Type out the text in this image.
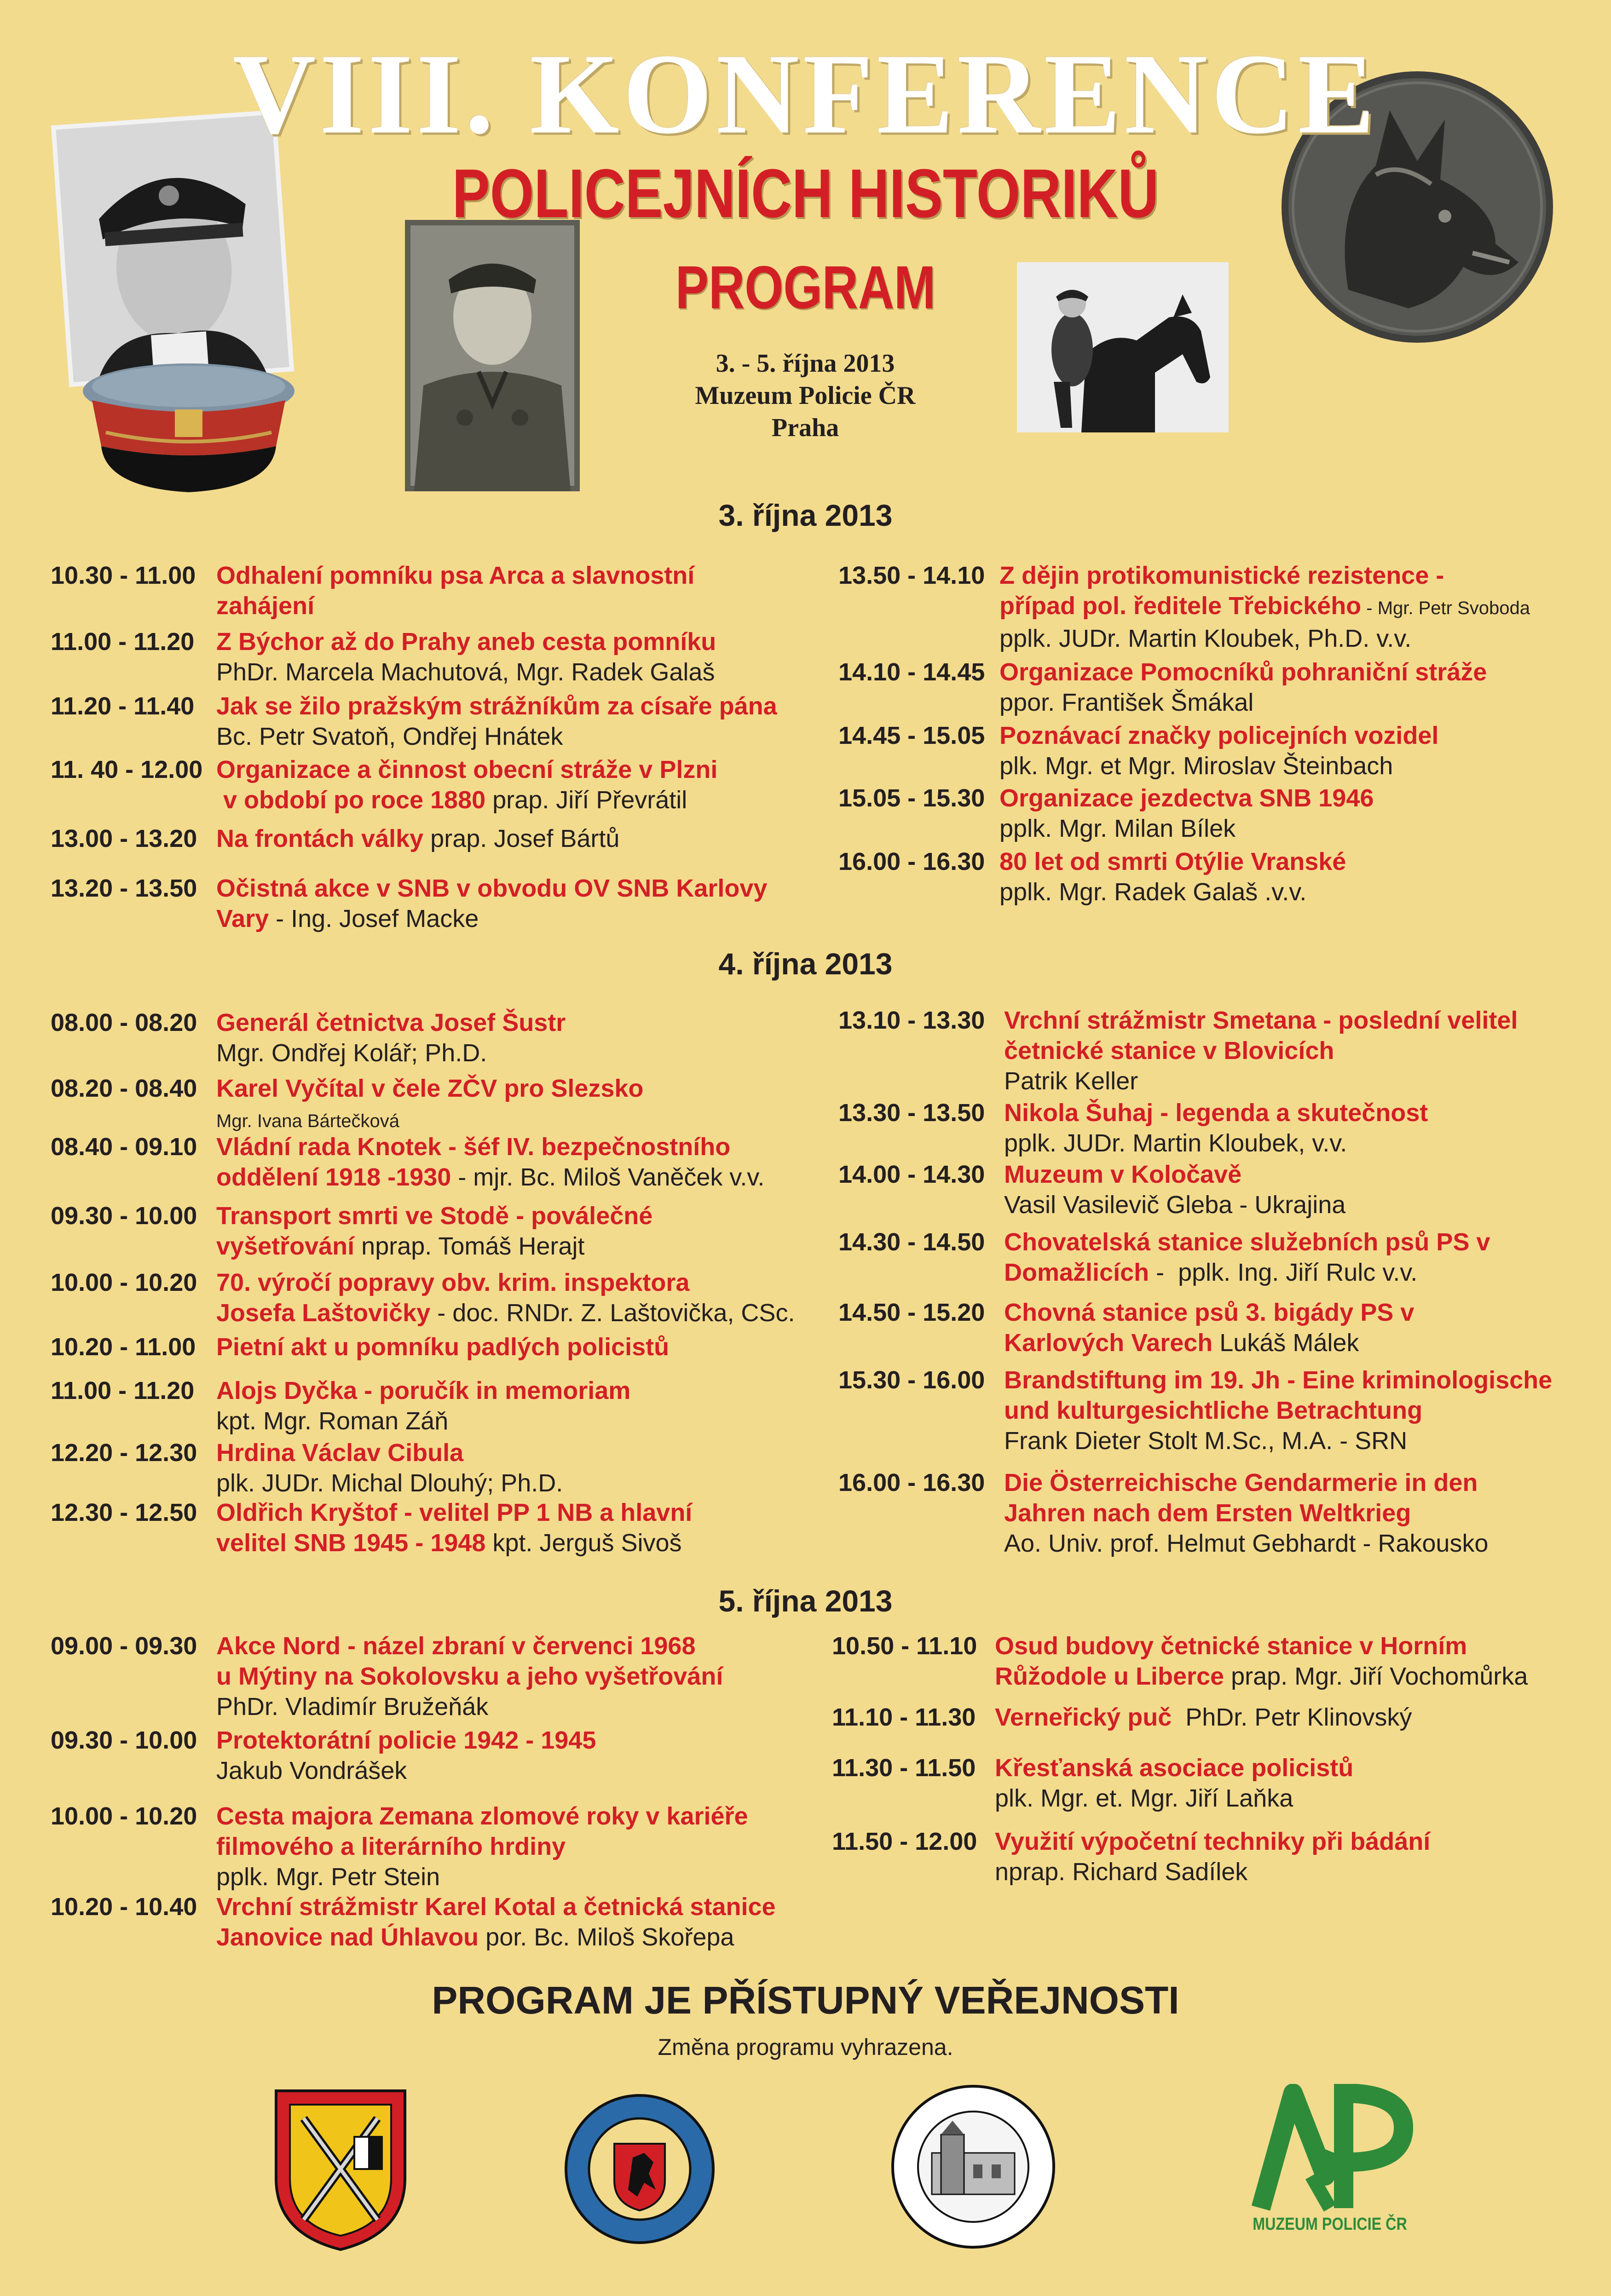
VIII. KONFERENCE
POLICEJNÍCH HISTORIKŮ
PROGRAM
3. - 5. října 2013
Muzeum Policie ČR
Praha
3. října 2013
4. října 2013
5. října 2013
10.30 - 11.00 Odhalení pomníku psa Arca a slavnostní
zahájení
11.00 - 11.20 Z Býchor až do Prahy aneb cesta pomníku
PhDr. Marcela Machutová, Mgr. Radek Galaš
11.20 - 11.40 Jak se žilo pražským strážníkům za císaře pána
Bc. Petr Svatoň, Ondřej Hnátek
11. 40 - 12.00 Organizace a činnost obecní stráže v Plzni
v období po roce 1880 prap. Jiří Převrátil
13.00 - 13.20 Na frontách války prap. Josef Bártů
13.20 - 13.50 Očistná akce v SNB v obvodu OV SNB Karlovy
Vary - Ing. Josef Macke
13.50 - 14.10 Z dějin protikomunistické rezistence -
případ pol. ředitele Třebického - Mgr. Petr Svoboda
pplk. JUDr. Martin Kloubek, Ph.D. v.v.
14.10 - 14.45 Organizace Pomocníků pohraniční stráže
ppor. František Šmákal
14.45 - 15.05 Poznávací značky policejních vozidel
plk. Mgr. et Mgr. Miroslav Šteinbach
15.05 - 15.30 Organizace jezdectva SNB 1946
pplk. Mgr. Milan Bílek
16.00 - 16.30 80 let od smrti Otýlie Vranské
pplk. Mgr. Radek Galaš .v.v.
08.00 - 08.20 Generál četnictva Josef Šustr
Mgr. Ondřej Kolář; Ph.D.
08.20 - 08.40 Karel Vyčítal v čele ZČV pro Slezsko
Mgr. Ivana Bártečková
08.40 - 09.10 Vládní rada Knotek - šéf IV. bezpečnostního
oddělení 1918 -1930 - mjr. Bc. Miloš Vaněček v.v.
09.30 - 10.00 Transport smrti ve Stodě - poválečné
vyšetřování nprap. Tomáš Herajt
10.00 - 10.20 70. výročí popravy obv. krim. inspektora
Josefa Laštovičky - doc. RNDr. Z. Laštovička, CSc.
10.20 - 11.00 Pietní akt u pomníku padlých policistů
11.00 - 11.20 Alojs Dyčka - poručík in memoriam
kpt. Mgr. Roman Záň
12.20 - 12.30 Hrdina Václav Cibula
plk. JUDr. Michal Dlouhý; Ph.D.
12.30 - 12.50 Oldřich Kryštof - velitel PP 1 NB a hlavní
velitel SNB 1945 - 1948 kpt. Jerguš Sivoš
13.10 - 13.30 Vrchní strážmistr Smetana - poslední velitel
četnické stanice v Blovicích
Patrik Keller
13.30 - 13.50 Nikola Šuhaj - legenda a skutečnost
pplk. JUDr. Martin Kloubek, v.v.
14.00 - 14.30 Muzeum v Koločavě
Vasil Vasilevič Gleba - Ukrajina
14.30 - 14.50 Chovatelská stanice služebních psů PS v
Domažlicích -  pplk. Ing. Jiří Rulc v.v.
14.50 - 15.20 Chovná stanice psů 3. bigády PS v
Karlových Varech Lukáš Málek
15.30 - 16.00 Brandstiftung im 19. Jh - Eine kriminologische
und kulturgesichtliche Betrachtung
Frank Dieter Stolt M.Sc., M.A. - SRN
16.00 - 16.30 Die Österreichische Gendarmerie in den
Jahren nach dem Ersten Weltkrieg
Ao. Univ. prof. Helmut Gebhardt - Rakousko
09.00 - 09.30 Akce Nord - názel zbraní v červenci 1968
u Mýtiny na Sokolovsku a jeho vyšetřování
PhDr. Vladimír Bružeňák
09.30 - 10.00 Protektorátní policie 1942 - 1945
Jakub Vondrášek
10.00 - 10.20 Cesta majora Zemana zlomové roky v kariéře
filmového a literárního hrdiny
pplk. Mgr. Petr Stein
10.20 - 10.40 Vrchní strážmistr Karel Kotal a četnická stanice
Janovice nad Úhlavou por. Bc. Miloš Skořepa
10.50 - 11.10 Osud budovy četnické stanice v Horním
Růžodole u Liberce prap. Mgr. Jiří Vochomůrka
11.10 - 11.30 Verneřický puč  PhDr. Petr Klinovský
11.30 - 11.50 Křesťanská asociace policistů
plk. Mgr. et. Mgr. Jiří Laňka
11.50 - 12.00 Využití výpočetní techniky při bádání
nprap. Richard Sadílek
PROGRAM JE PŘÍSTUPNÝ VEŘEJNOSTI
Změna programu vyhrazena.
MUZEUM POLICIE ČR
